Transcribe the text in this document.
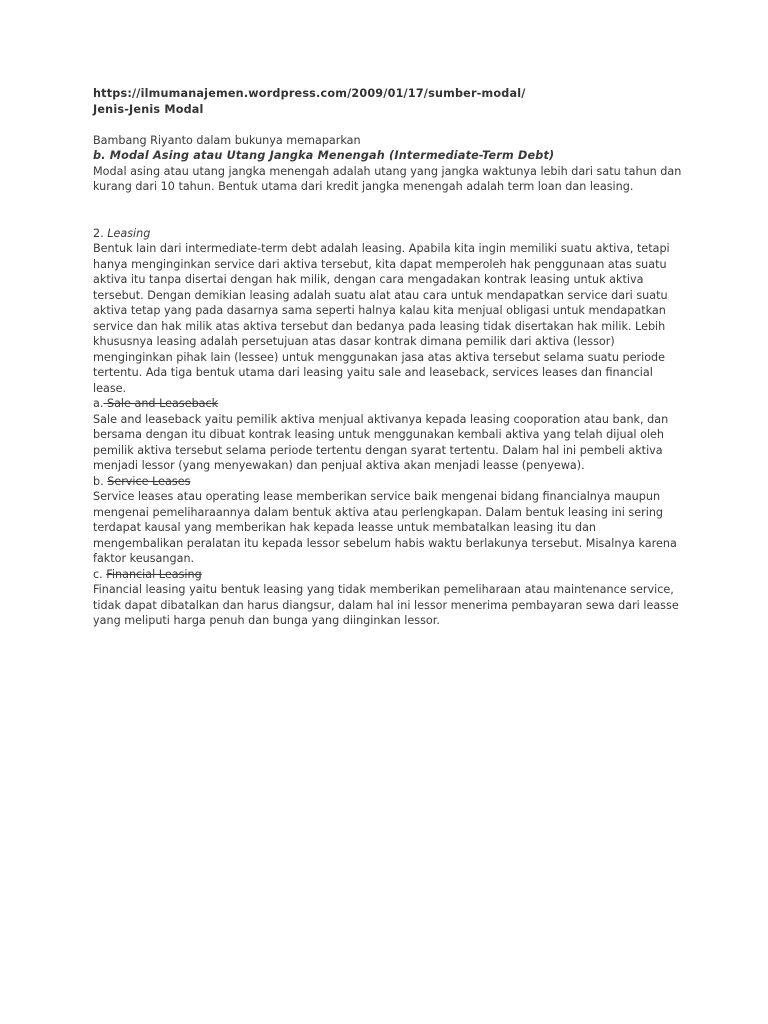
https://ilmumanajemen.wordpress.com/2009/01/17/sumber-modal/

Jenis-Jenis Modal

Bambang Riyanto dalam bukunya memaparkan

b. Modal Asing atau Utang Jangka Menengah (Intermediate-Term Debt)

Modal asing atau utang jangka menengah adalah utang yang jangka waktunya lebih dari satu tahun dan kurang dari 10 tahun. Bentuk utama dari kredit jangka menengah adalah term loan dan leasing.

2. Leasing

Bentuk lain dari intermediate-term debt adalah leasing. Apabila kita ingin memiliki suatu aktiva, tetapi hanya menginginkan service dari aktiva tersebut, kita dapat memperoleh hak penggunaan atas suatu aktiva itu tanpa disertai dengan hak milik, dengan cara mengadakan kontrak leasing untuk aktiva tersebut. Dengan demikian leasing adalah suatu alat atau cara untuk mendapatkan service dari suatu aktiva tetap yang pada dasarnya sama seperti halnya kalau kita menjual obligasi untuk mendapatkan service dan hak milik atas aktiva tersebut dan bedanya pada leasing tidak disertakan hak milik. Lebih khususnya leasing adalah persetujuan atas dasar kontrak dimana pemilik dari aktiva (lessor) menginginkan pihak lain (lessee) untuk menggunakan jasa atas aktiva tersebut selama suatu periode tertentu. Ada tiga bentuk utama dari leasing yaitu sale and leaseback, services leases dan financial lease.

a. Sale and Leaseback

Sale and leaseback yaitu pemilik aktiva menjual aktivanya kepada leasing cooporation atau bank, dan bersama dengan itu dibuat kontrak leasing untuk menggunakan kembali aktiva yang telah dijual oleh pemilik aktiva tersebut selama periode tertentu dengan syarat tertentu. Dalam hal ini pembeli aktiva menjadi lessor (yang menyewakan) dan penjual aktiva akan menjadi leasse (penyewa).

b. Service Leases

Service leases atau operating lease memberikan service baik mengenai bidang financialnya maupun mengenai pemeliharaannya dalam bentuk aktiva atau perlengkapan. Dalam bentuk leasing ini sering terdapat kausal yang memberikan hak kepada leasse untuk membatalkan leasing itu dan mengembalikan peralatan itu kepada lessor sebelum habis waktu berlakunya tersebut. Misalnya karena faktor keusangan.

c. Financial Leasing

Financial leasing yaitu bentuk leasing yang tidak memberikan pemeliharaan atau maintenance service, tidak dapat dibatalkan dan harus diangsur, dalam hal ini lessor menerima pembayaran sewa dari leasse yang meliputi harga penuh dan bunga yang diinginkan lessor.
